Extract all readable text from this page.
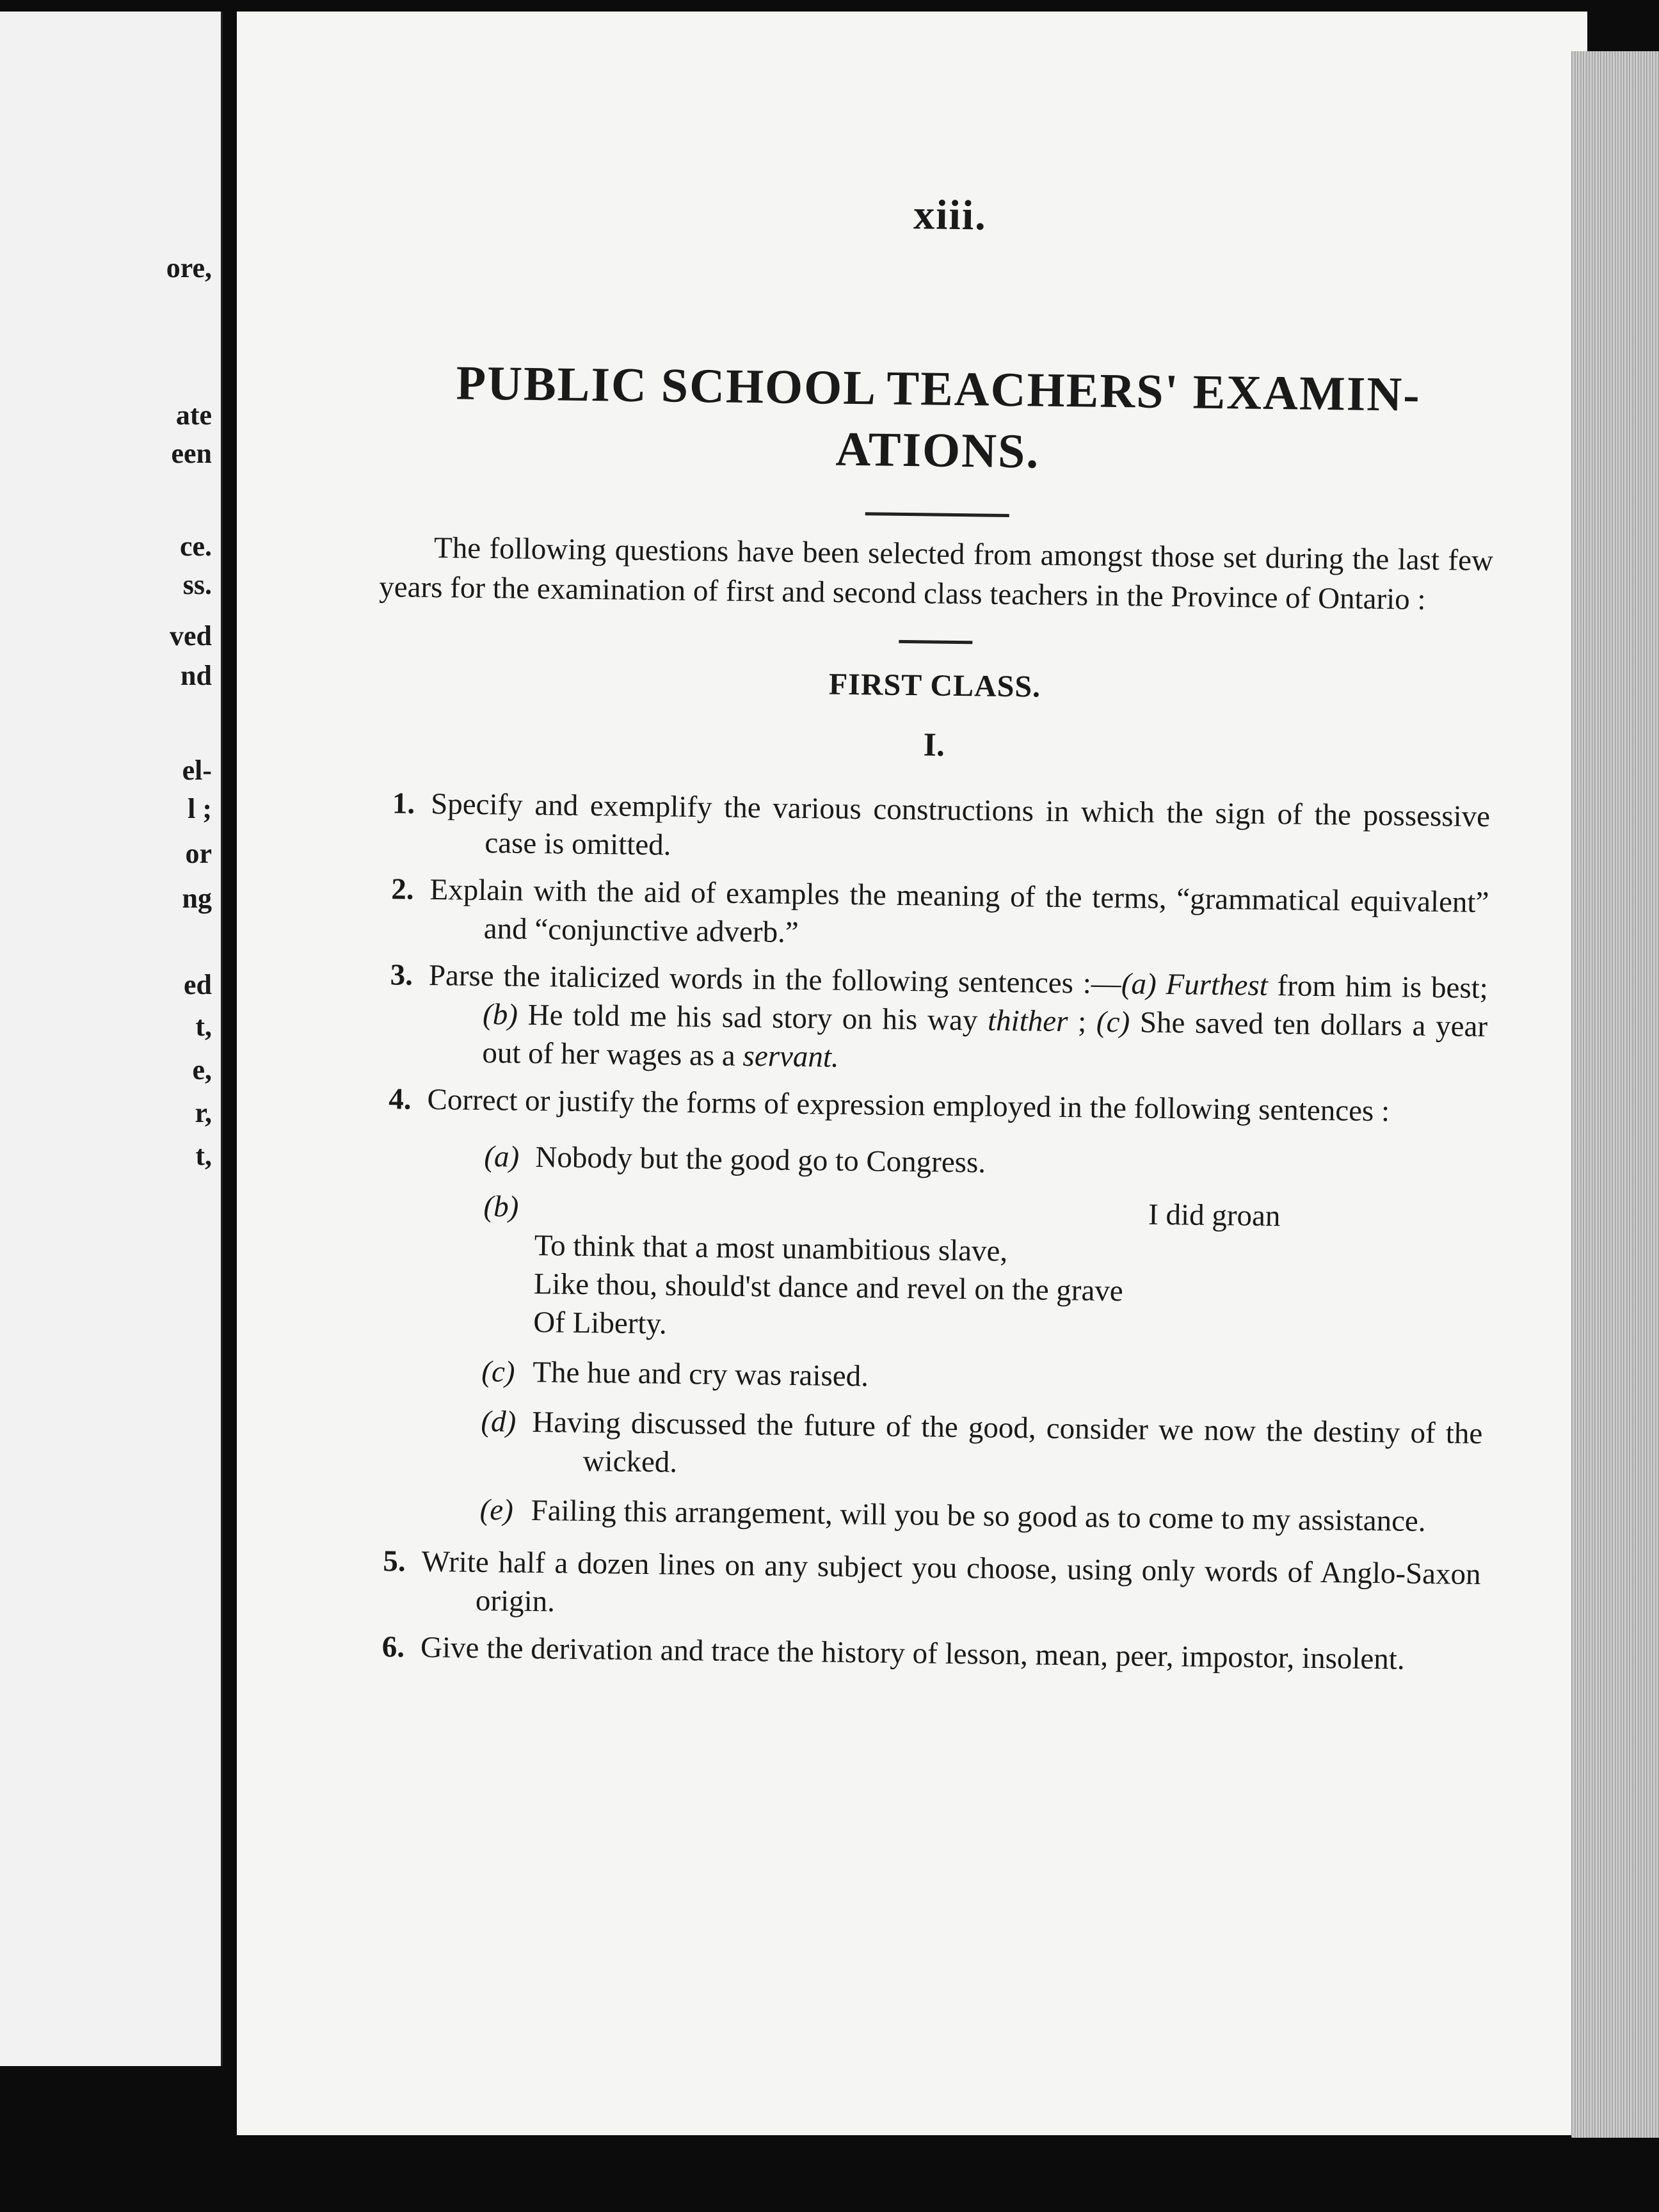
ore,
ate
een
ce.
ss.
ved
nd
el-
l ;
or
ng
ed
t,
e,
r,
t,
xiii.
PUBLIC SCHOOL TEACHERS' EXAMIN- ATIONS.
The following questions have been selected from amongst those set during the last few years for the examination of first and second class teachers in the Province of Ontario :
FIRST CLASS.
I.
1. Specify and exemplify the various constructions in which the sign of the possessive case is omitted.
2. Explain with the aid of examples the meaning of the terms, “grammatical equivalent” and “conjunctive adverb.”
3. Parse the italicized words in the following sentences :—(a) Furthest from him is best; (b) He told me his sad story on his way thither ; (c) She saved ten dollars a year out of her wages as a servant.
4. Correct or justify the forms of expression employed in the following sentences :
(a) Nobody but the good go to Congress.
(b)	I did groan
To think that a most unambitious slave,
Like thou, should'st dance and revel on the grave
Of Liberty.
(c) The hue and cry was raised.
(d) Having discussed the future of the good, consider we now the destiny of the wicked.
(e) Failing this arrangement, will you be so good as to come to my assistance.
5. Write half a dozen lines on any subject you choose, using only words of Anglo-Saxon origin.
6. Give the derivation and trace the history of lesson, mean, peer, impostor, insolent.
